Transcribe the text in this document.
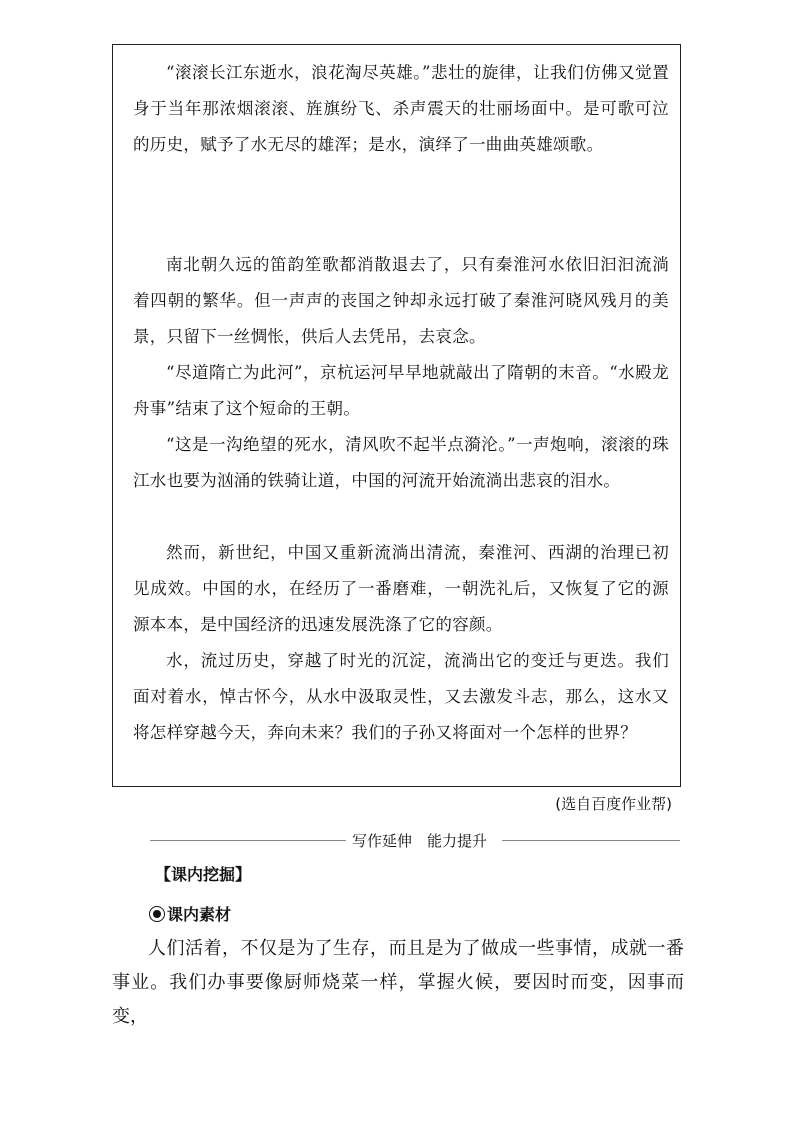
“滚滚长江东逝水，浪花淘尽英雄。”悲壮的旋律，让我们仿佛又觉置身于当年那浓烟滚滚、旌旗纷飞、杀声震天的壮丽场面中。是可歌可泣的历史，赋予了水无尽的雄浑；是水，演绎了一曲曲英雄颂歌。

南北朝久远的笛韵笙歌都消散退去了，只有秦淮河水依旧汩汩流淌着四朝的繁华。但一声声的丧国之钟却永远打破了秦淮河晓风残月的美景，只留下一丝惆怅，供后人去凭吊，去哀念。

“尽道隋亡为此河”，京杭运河早早地就敲出了隋朝的末音。“水殿龙舟事”结束了这个短命的王朝。

“这是一沟绝望的死水，清风吹不起半点漪沦。”一声炮响，滚滚的珠江水也要为汹涌的铁骑让道，中国的河流开始流淌出悲哀的泪水。

然而，新世纪，中国又重新流淌出清流，秦淮河、西湖的治理已初见成效。中国的水，在经历了一番磨难，一朝洗礼后，又恢复了它的源源本本，是中国经济的迅速发展洗涤了它的容颜。

水，流过历史，穿越了时光的沉淀，流淌出它的变迁与更迭。我们面对着水，悼古怀今，从水中汲取灵性，又去激发斗志，那么，这水又将怎样穿越今天，奔向未来？我们的子孙又将面对一个怎样的世界？

(选自百度作业帮)
写作延伸　能力提升
【课内挖掘】
课内素材

人们活着，不仅是为了生存，而且是为了做成一些事情，成就一番事业。我们办事要像厨师烧菜一样，掌握火候，要因时而变，因事而变，
